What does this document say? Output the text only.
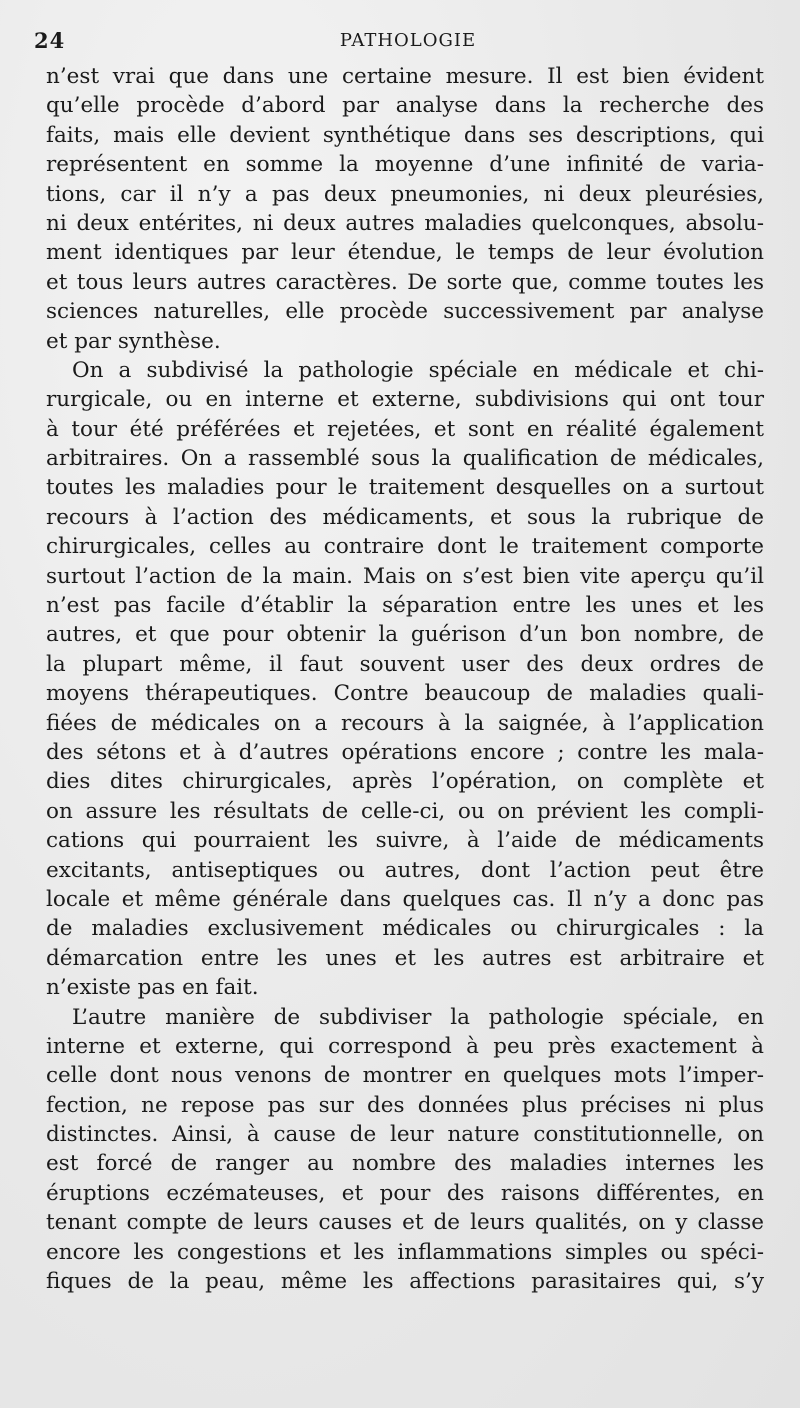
24	PATHOLOGIE
n’est vrai que dans une certaine mesure. Il est bien évident
qu’elle procède d’abord par analyse dans la recherche des
faits, mais elle devient synthétique dans ses descriptions, qui
représentent en somme la moyenne d’une infinité de varia-
tions, car il n’y a pas deux pneumonies, ni deux pleurésies,
ni deux entérites, ni deux autres maladies quelconques, absolu-
ment identiques par leur étendue, le temps de leur évolution
et tous leurs autres caractères. De sorte que, comme toutes les
sciences naturelles, elle procède successivement par analyse
et par synthèse.
On a subdivisé la pathologie spéciale en médicale et chi-
rurgicale, ou en interne et externe, subdivisions qui ont tour
à tour été préférées et rejetées, et sont en réalité également
arbitraires. On a rassemblé sous la qualification de médicales,
toutes les maladies pour le traitement desquelles on a surtout
recours à l’action des médicaments, et sous la rubrique de
chirurgicales, celles au contraire dont le traitement comporte
surtout l’action de la main. Mais on s’est bien vite aperçu qu’il
n’est pas facile d’établir la séparation entre les unes et les
autres, et que pour obtenir la guérison d’un bon nombre, de
la plupart même, il faut souvent user des deux ordres de
moyens thérapeutiques. Contre beaucoup de maladies quali-
fiées de médicales on a recours à la saignée, à l’application
des sétons et à d’autres opérations encore ; contre les mala-
dies dites chirurgicales, après l’opération, on complète et
on assure les résultats de celle-ci, ou on prévient les compli-
cations qui pourraient les suivre, à l’aide de médicaments
excitants, antiseptiques ou autres, dont l’action peut être
locale et même générale dans quelques cas. Il n’y a donc pas
de maladies exclusivement médicales ou chirurgicales : la
démarcation entre les unes et les autres est arbitraire et
n’existe pas en fait.
L’autre manière de subdiviser la pathologie spéciale, en
interne et externe, qui correspond à peu près exactement à
celle dont nous venons de montrer en quelques mots l’imper-
fection, ne repose pas sur des données plus précises ni plus
distinctes. Ainsi, à cause de leur nature constitutionnelle, on
est forcé de ranger au nombre des maladies internes les
éruptions eczémateuses, et pour des raisons différentes, en
tenant compte de leurs causes et de leurs qualités, on y classe
encore les congestions et les inflammations simples ou spéci-
fiques de la peau, même les affections parasitaires qui, s’y
